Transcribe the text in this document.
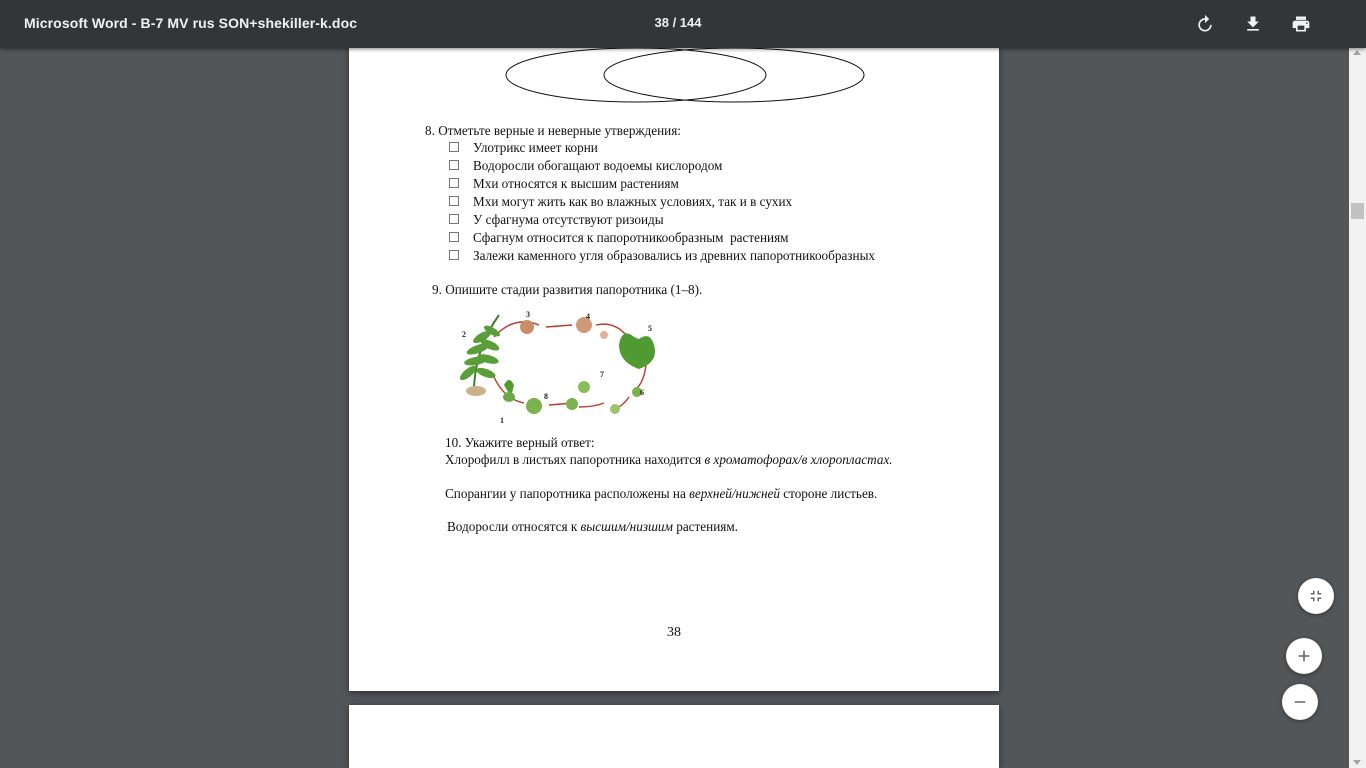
Microsoft Word - B-7 MV rus SON+shekiller-k.doc	38 / 144

8. Отметьте верные и неверные утверждения:

Улотрикс имеет корни

Водоросли обогащают водоемы кислородом

Мхи относятся к высшим растениям

Мхи могут жить как во влажных условиях, так и в сухих

У сфагнума отсутствуют ризоиды

Сфагнум относится к папоротникообразным  растениям

Залежи каменного угля образовались из древних папоротникообразных

9. Опишите стадии развития папоротника (1–8).

1
2
3	4
5
6
7
8

10. Укажите верный ответ:

Хлорофилл в листьях папоротника находится в хроматофорах/в хлоропластах.

Спорангии у папоротника расположены на верхней/нижней стороне листьев.

Водоросли относятся к высшим/низшим растениям.

38
